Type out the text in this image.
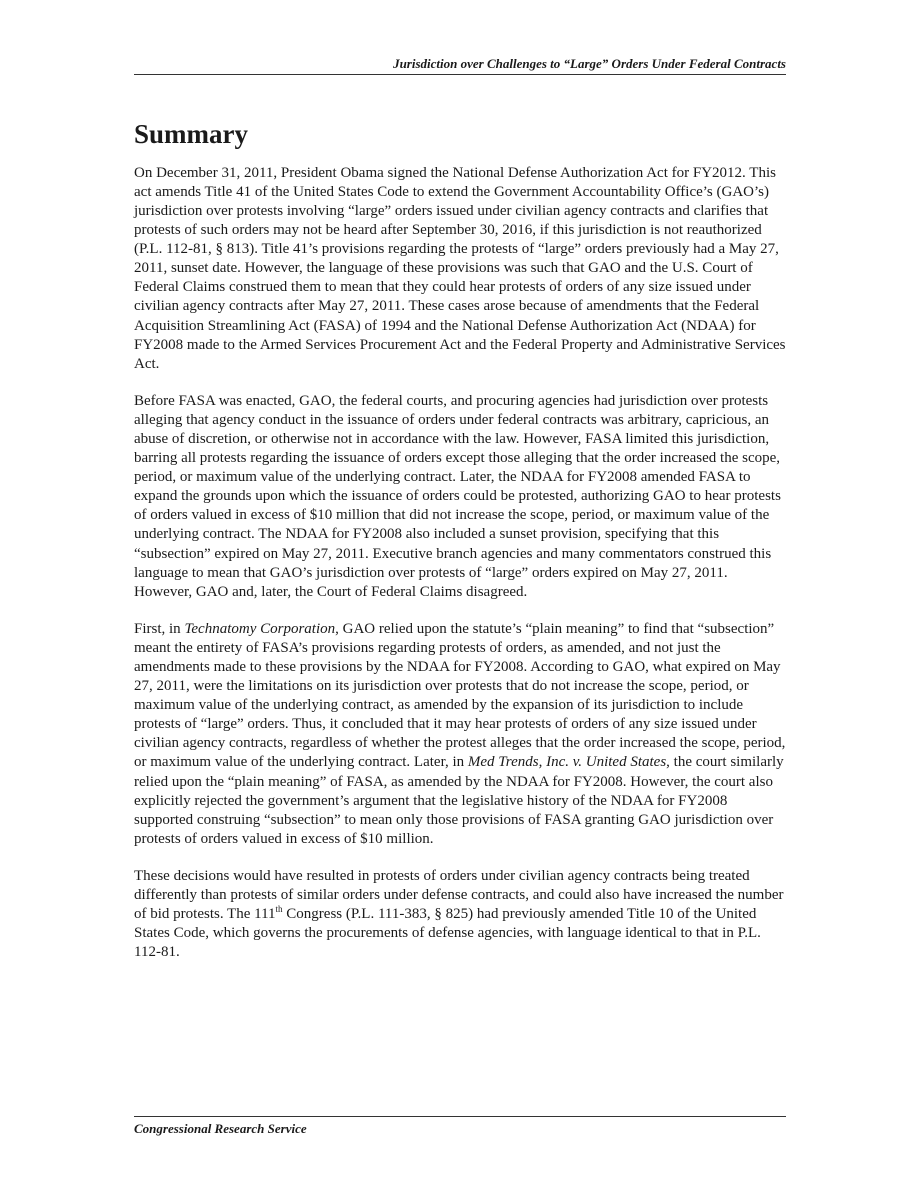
Jurisdiction over Challenges to “Large” Orders Under Federal Contracts
Summary

On December 31, 2011, President Obama signed the National Defense Authorization Act for FY2012. This act amends Title 41 of the United States Code to extend the Government Accountability Office’s (GAO’s) jurisdiction over protests involving “large” orders issued under civilian agency contracts and clarifies that protests of such orders may not be heard after September 30, 2016, if this jurisdiction is not reauthorized (P.L. 112-81, § 813). Title 41’s provisions regarding the protests of “large” orders previously had a May 27, 2011, sunset date. However, the language of these provisions was such that GAO and the U.S. Court of Federal Claims construed them to mean that they could hear protests of orders of any size issued under civilian agency contracts after May 27, 2011. These cases arose because of amendments that the Federal Acquisition Streamlining Act (FASA) of 1994 and the National Defense Authorization Act (NDAA) for FY2008 made to the Armed Services Procurement Act and the Federal Property and Administrative Services Act.

Before FASA was enacted, GAO, the federal courts, and procuring agencies had jurisdiction over protests alleging that agency conduct in the issuance of orders under federal contracts was arbitrary, capricious, an abuse of discretion, or otherwise not in accordance with the law. However, FASA limited this jurisdiction, barring all protests regarding the issuance of orders except those alleging that the order increased the scope, period, or maximum value of the underlying contract. Later, the NDAA for FY2008 amended FASA to expand the grounds upon which the issuance of orders could be protested, authorizing GAO to hear protests of orders valued in excess of $10 million that did not increase the scope, period, or maximum value of the underlying contract. The NDAA for FY2008 also included a sunset provision, specifying that this “subsection” expired on May 27, 2011. Executive branch agencies and many commentators construed this language to mean that GAO’s jurisdiction over protests of “large” orders expired on May 27, 2011. However, GAO and, later, the Court of Federal Claims disagreed.

First, in Technatomy Corporation, GAO relied upon the statute’s “plain meaning” to find that “subsection” meant the entirety of FASA’s provisions regarding protests of orders, as amended, and not just the amendments made to these provisions by the NDAA for FY2008. According to GAO, what expired on May 27, 2011, were the limitations on its jurisdiction over protests that do not increase the scope, period, or maximum value of the underlying contract, as amended by the expansion of its jurisdiction to include protests of “large” orders. Thus, it concluded that it may hear protests of orders of any size issued under civilian agency contracts, regardless of whether the protest alleges that the order increased the scope, period, or maximum value of the underlying contract. Later, in Med Trends, Inc. v. United States, the court similarly relied upon the “plain meaning” of FASA, as amended by the NDAA for FY2008. However, the court also explicitly rejected the government’s argument that the legislative history of the NDAA for FY2008 supported construing “subsection” to mean only those provisions of FASA granting GAO jurisdiction over protests of orders valued in excess of $10 million.

These decisions would have resulted in protests of orders under civilian agency contracts being treated differently than protests of similar orders under defense contracts, and could also have increased the number of bid protests. The 111th Congress (P.L. 111-383, § 825) had previously amended Title 10 of the United States Code, which governs the procurements of defense agencies, with language identical to that in P.L. 112-81.

Congressional Research Service
